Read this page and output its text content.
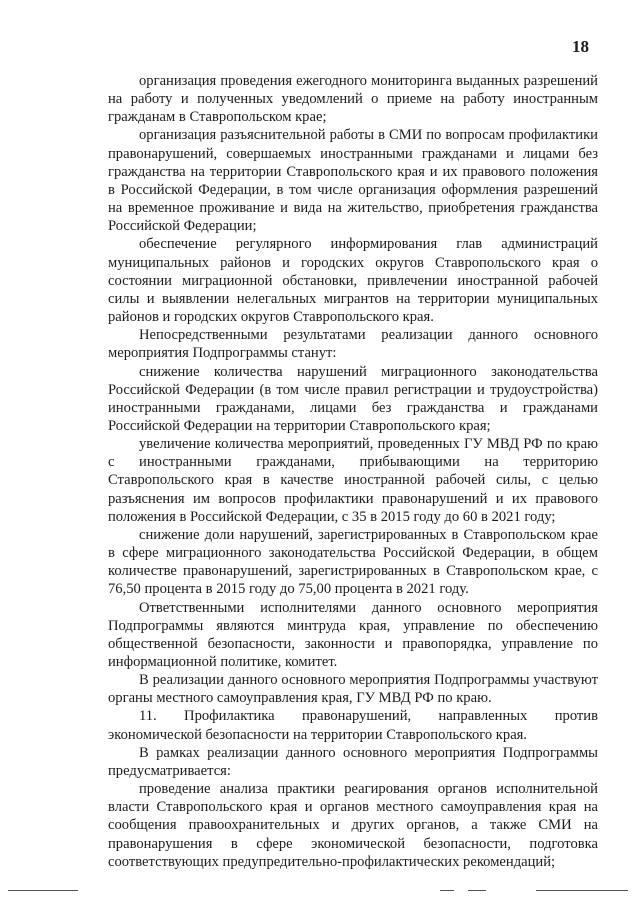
18

организация проведения ежегодного мониторинга выданных разрешений на работу и полученных уведомлений о приеме на работу иностранным гражданам в Ставропольском крае;

организация разъяснительной работы в СМИ по вопросам профилактики правонарушений, совершаемых иностранными гражданами и лицами без гражданства на территории Ставропольского края и их правового положения в Российской Федерации, в том числе организация оформления разрешений на временное проживание и вида на жительство, приобретения гражданства Российской Федерации;

обеспечение регулярного информирования глав администраций муниципальных районов и городских округов Ставропольского края о состоянии миграционной обстановки, привлечении иностранной рабочей силы и выявлении нелегальных мигрантов на территории муниципальных районов и городских округов Ставропольского края.

Непосредственными результатами реализации данного основного мероприятия Подпрограммы станут:

снижение количества нарушений миграционного законодательства Российской Федерации (в том числе правил регистрации и трудоустройства) иностранными гражданами, лицами без гражданства и гражданами Российской Федерации на территории Ставропольского края;

увеличение количества мероприятий, проведенных ГУ МВД РФ по краю с иностранными гражданами, прибывающими на территорию Ставропольского края в качестве иностранной рабочей силы, с целью разъяснения им вопросов профилактики правонарушений и их правового положения в Российской Федерации, с 35 в 2015 году до 60 в 2021 году;

снижение доли нарушений, зарегистрированных в Ставропольском крае в сфере миграционного законодательства Российской Федерации, в общем количестве правонарушений, зарегистрированных в Ставропольском крае, с 76,50 процента в 2015 году до 75,00 процента в 2021 году.

Ответственными исполнителями данного основного мероприятия Подпрограммы являются минтруда края, управление по обеспечению общественной безопасности, законности и правопорядка, управление по информационной политике, комитет.

В реализации данного основного мероприятия Подпрограммы участвуют органы местного самоуправления края, ГУ МВД РФ по краю.

11. Профилактика правонарушений, направленных против экономической безопасности на территории Ставропольского края.

В рамках реализации данного основного мероприятия Подпрограммы предусматривается:

проведение анализа практики реагирования органов исполнительной власти Ставропольского края и органов местного самоуправления края на сообщения правоохранительных и других органов, а также СМИ на правонарушения в сфере экономической безопасности, подготовка соответствующих предупредительно-профилактических рекомендаций;
